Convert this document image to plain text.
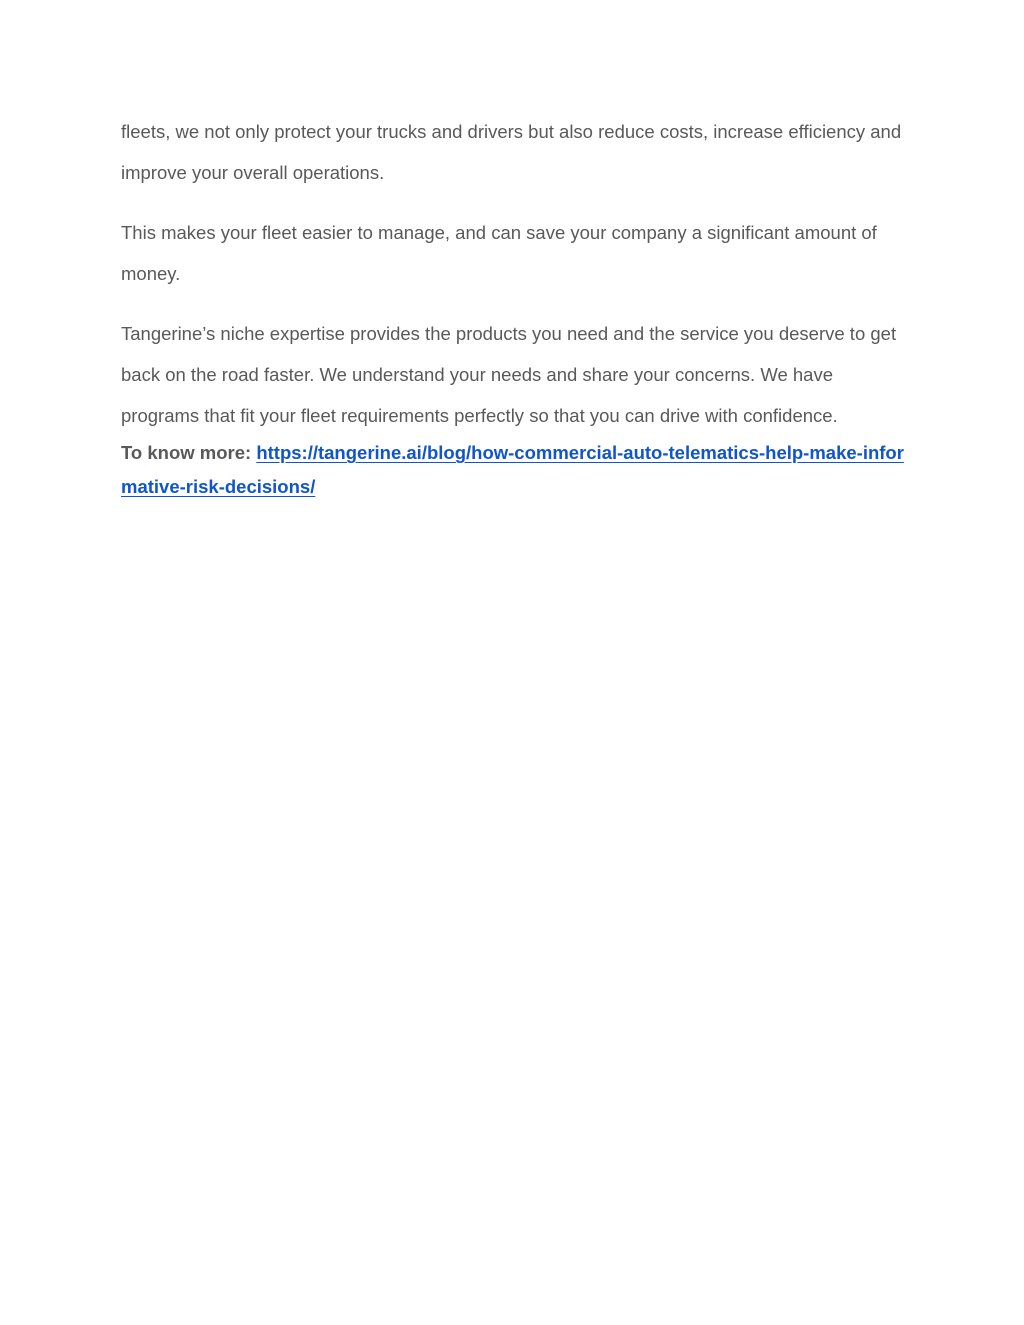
fleets, we not only protect your trucks and drivers but also reduce costs, increase efficiency and improve your overall operations.

This makes your fleet easier to manage, and can save your company a significant amount of money.

Tangerine’s niche expertise provides the products you need and the service you deserve to get back on the road faster. We understand your needs and share your concerns. We have programs that fit your fleet requirements perfectly so that you can drive with confidence.

To know more: https://tangerine.ai/blog/how-commercial-auto-telematics-help-make-informative-risk-decisions/
